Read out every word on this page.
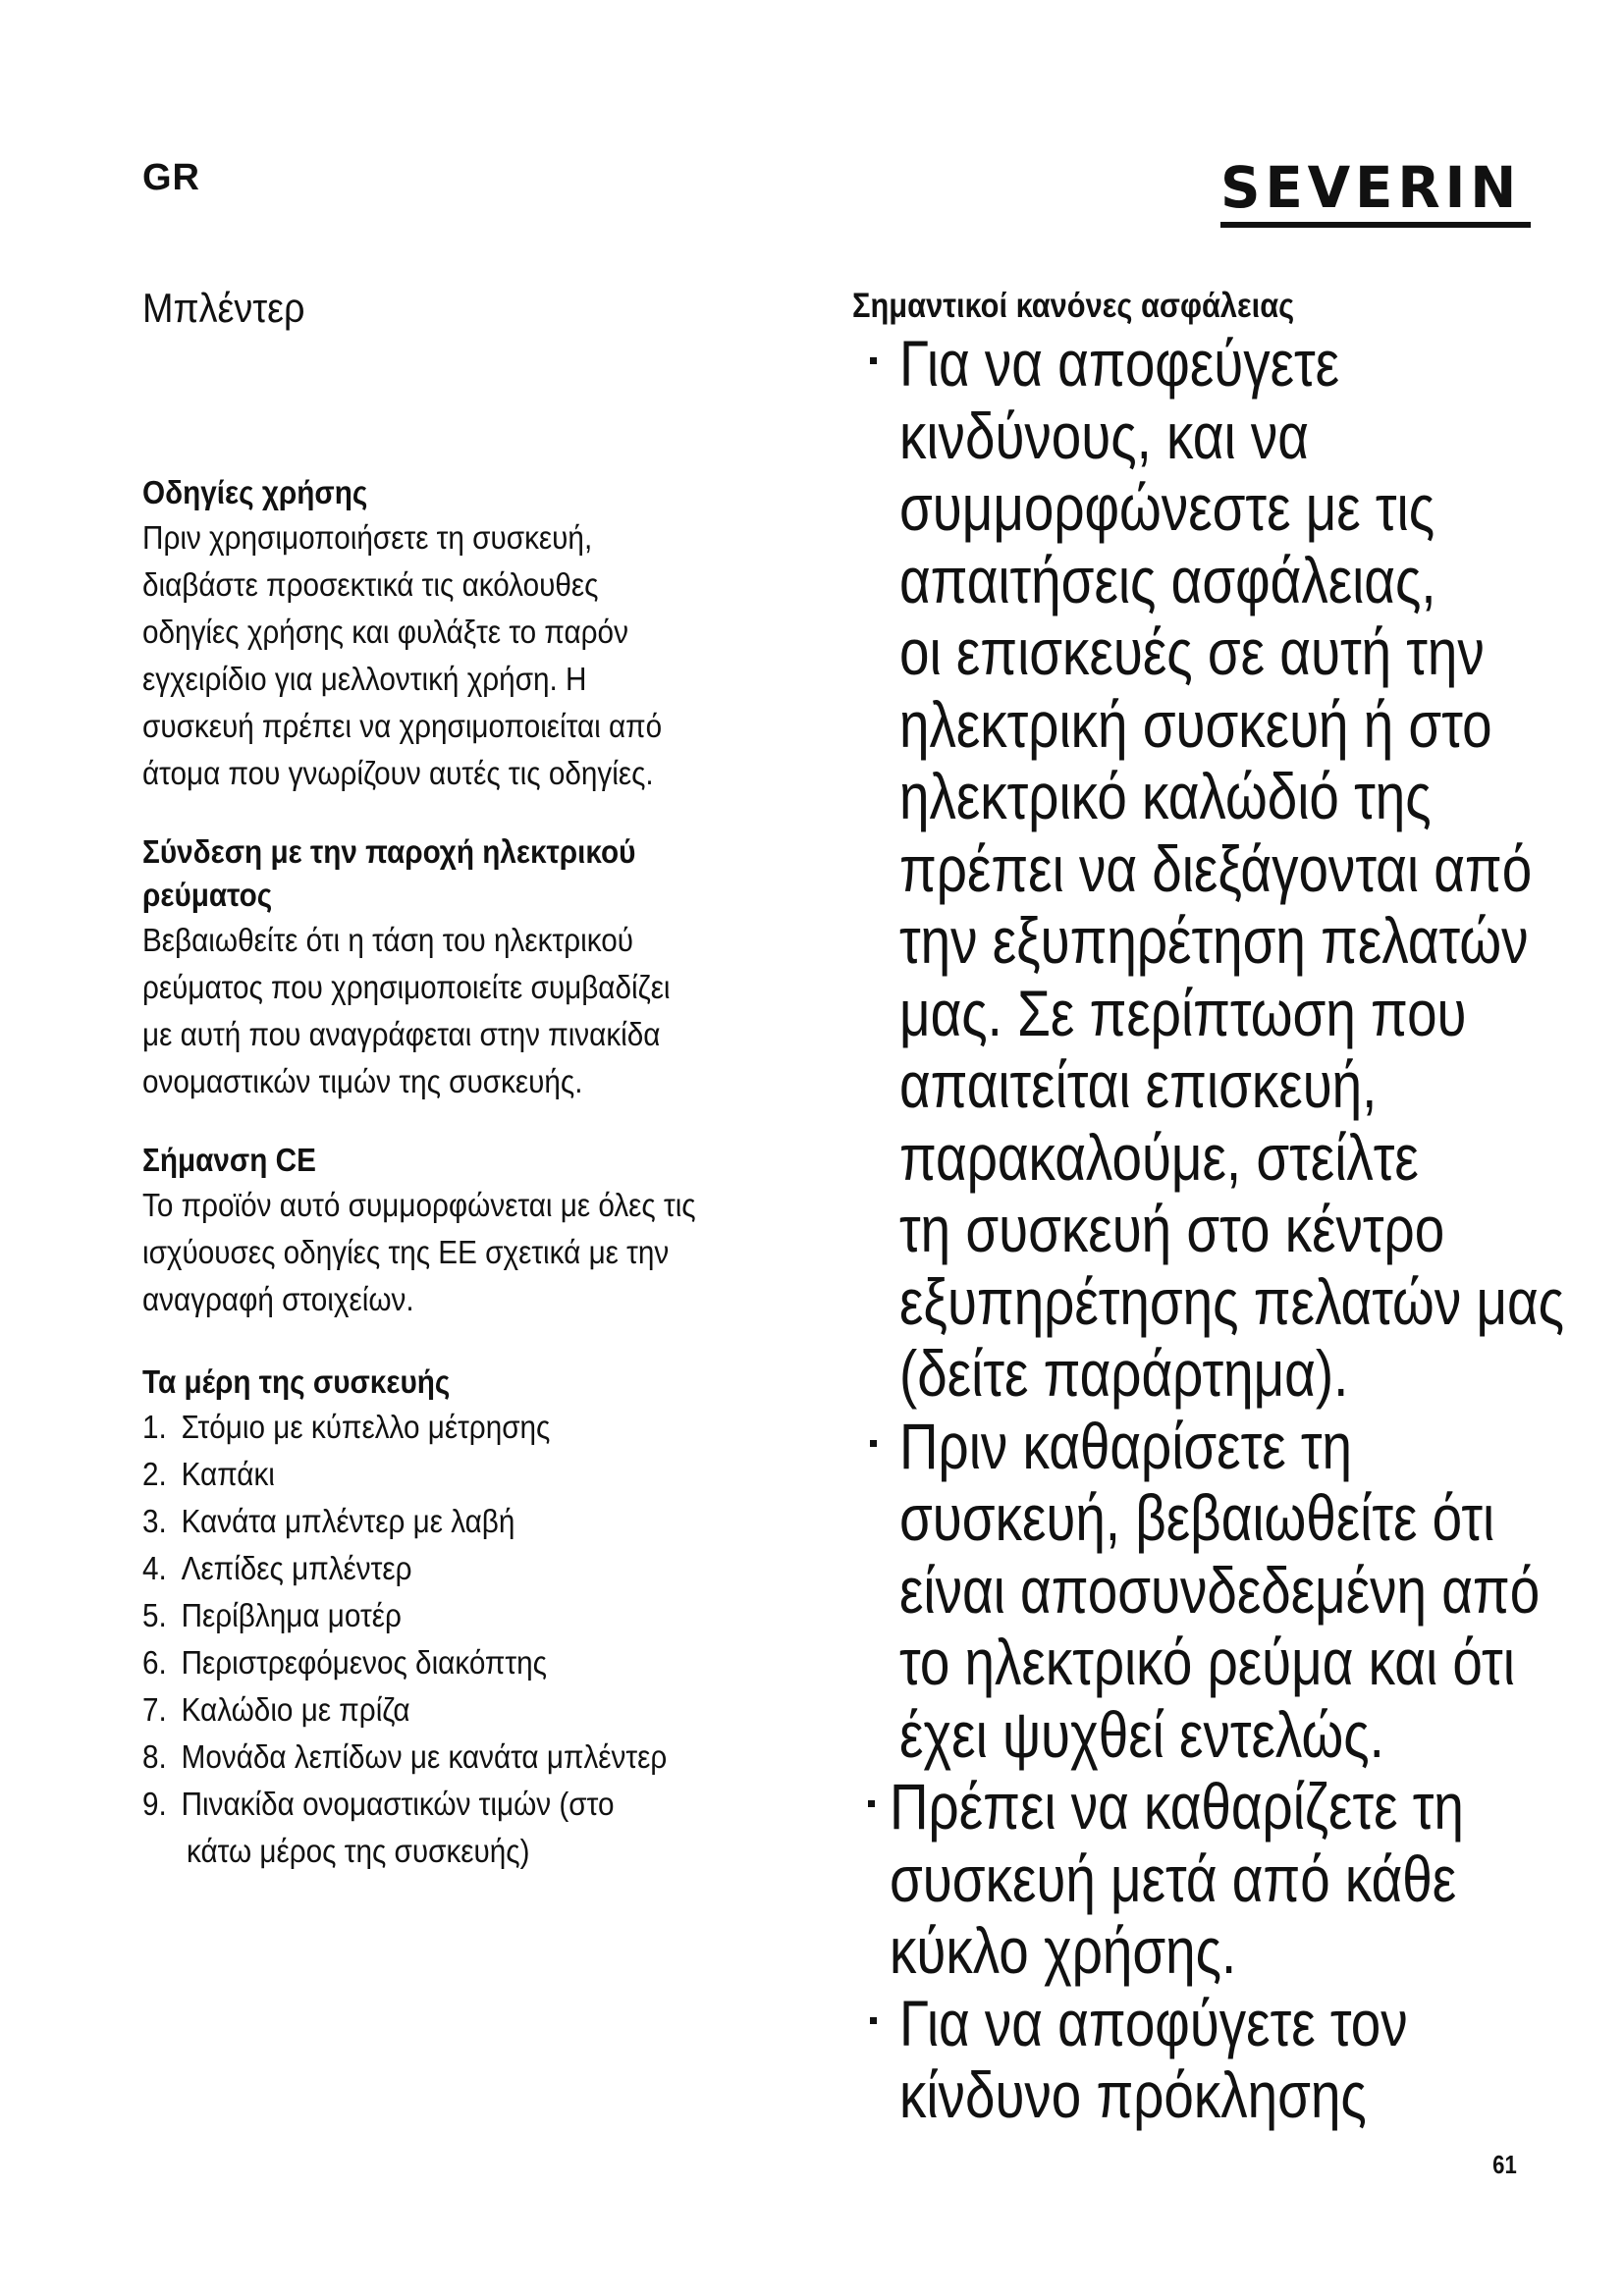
GR	SEVERIN
Μπλέντερ
Οδηγίες χρήσης

Πριν χρησιμοποιήσετε τη συσκευή,
διαβάστε προσεκτικά τις ακόλουθες
οδηγίες χρήσης και φυλάξτε το παρόν
εγχειρίδιο για μελλοντική χρήση. Η
συσκευή πρέπει να χρησιμοποιείται από
άτομα που γνωρίζουν αυτές τις οδηγίες.

Σύνδεση με την παροχή ηλεκτρικού
ρεύματος

Βεβαιωθείτε ότι η τάση του ηλεκτρικού
ρεύματος που χρησιμοποιείτε συμβαδίζει
με αυτή που αναγράφεται στην πινακίδα
ονομαστικών τιμών της συσκευής.

Σήμανση CE

Το προϊόν αυτό συμμορφώνεται με όλες τις
ισχύουσες οδηγίες της ΕΕ σχετικά με την
αναγραφή στοιχείων.

Τα μέρη της συσκευής
1. Στόμιο με κύπελλο μέτρησης
2. Καπάκι
3. Κανάτα μπλέντερ με λαβή
4. Λεπίδες μπλέντερ
5. Περίβλημα μοτέρ
6. Περιστρεφόμενος διακόπτης
7. Καλώδιο με πρίζα
8. Μονάδα λεπίδων με κανάτα μπλέντερ
9. Πινακίδα ονομαστικών τιμών (στο
κάτω μέρος της συσκευής)
Σημαντικοί κανόνες ασφάλειας
Για να αποφεύγετε
κινδύνους, και να
συμμορφώνεστε με τις
απαιτήσεις ασφάλειας,
οι επισκευές σε αυτή την
ηλεκτρική συσκευή ή στο
ηλεκτρικό καλώδιό της
πρέπει να διεξάγονται από
την εξυπηρέτηση πελατών
μας. Σε περίπτωση που
απαιτείται επισκευή,
παρακαλούμε, στείλτε
τη συσκευή στο κέντρο
εξυπηρέτησης πελατών μας
(δείτε παράρτημα).
Πριν καθαρίσετε τη
συσκευή, βεβαιωθείτε ότι
είναι αποσυνδεδεμένη από
το ηλεκτρικό ρεύμα και ότι
έχει ψυχθεί εντελώς.
Πρέπει να καθαρίζετε τη
συσκευή μετά από κάθε
κύκλο χρήσης.
Για να αποφύγετε τον
κίνδυνο πρόκλησης
61
